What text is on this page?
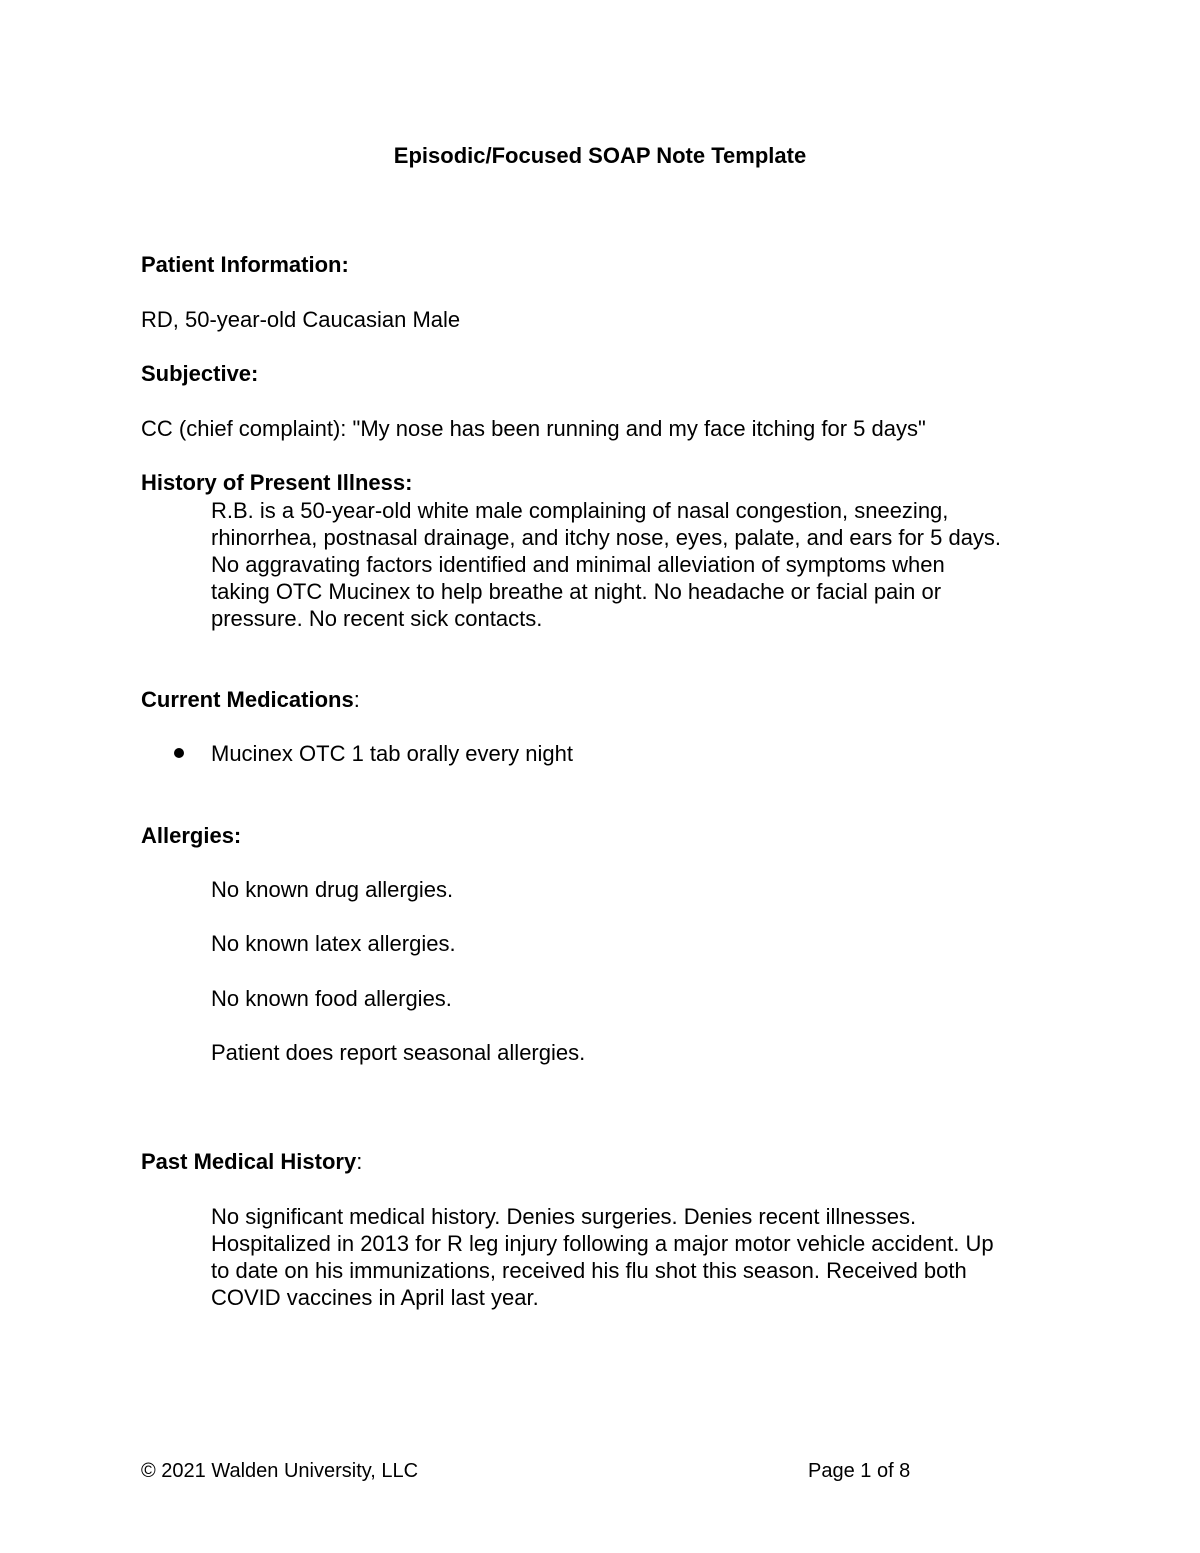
Episodic/Focused SOAP Note Template

Patient Information:

RD, 50-year-old Caucasian Male

Subjective:

CC (chief complaint): "My nose has been running and my face itching for 5 days"

History of Present Illness:

R.B. is a 50-year-old white male complaining of nasal congestion, sneezing,

rhinorrhea, postnasal drainage, and itchy nose, eyes, palate, and ears for 5 days.

No aggravating factors identified and minimal alleviation of symptoms when

taking OTC Mucinex to help breathe at night. No headache or facial pain or

pressure. No recent sick contacts.

Current Medications:

Mucinex OTC 1 tab orally every night

Allergies:

No known drug allergies.

No known latex allergies.

No known food allergies.

Patient does report seasonal allergies.

Past Medical History:

No significant medical history. Denies surgeries. Denies recent illnesses.

Hospitalized in 2013 for R leg injury following a major motor vehicle accident. Up

to date on his immunizations, received his flu shot this season. Received both

COVID vaccines in April last year.

© 2021 Walden University, LLC	Page 1 of 8
